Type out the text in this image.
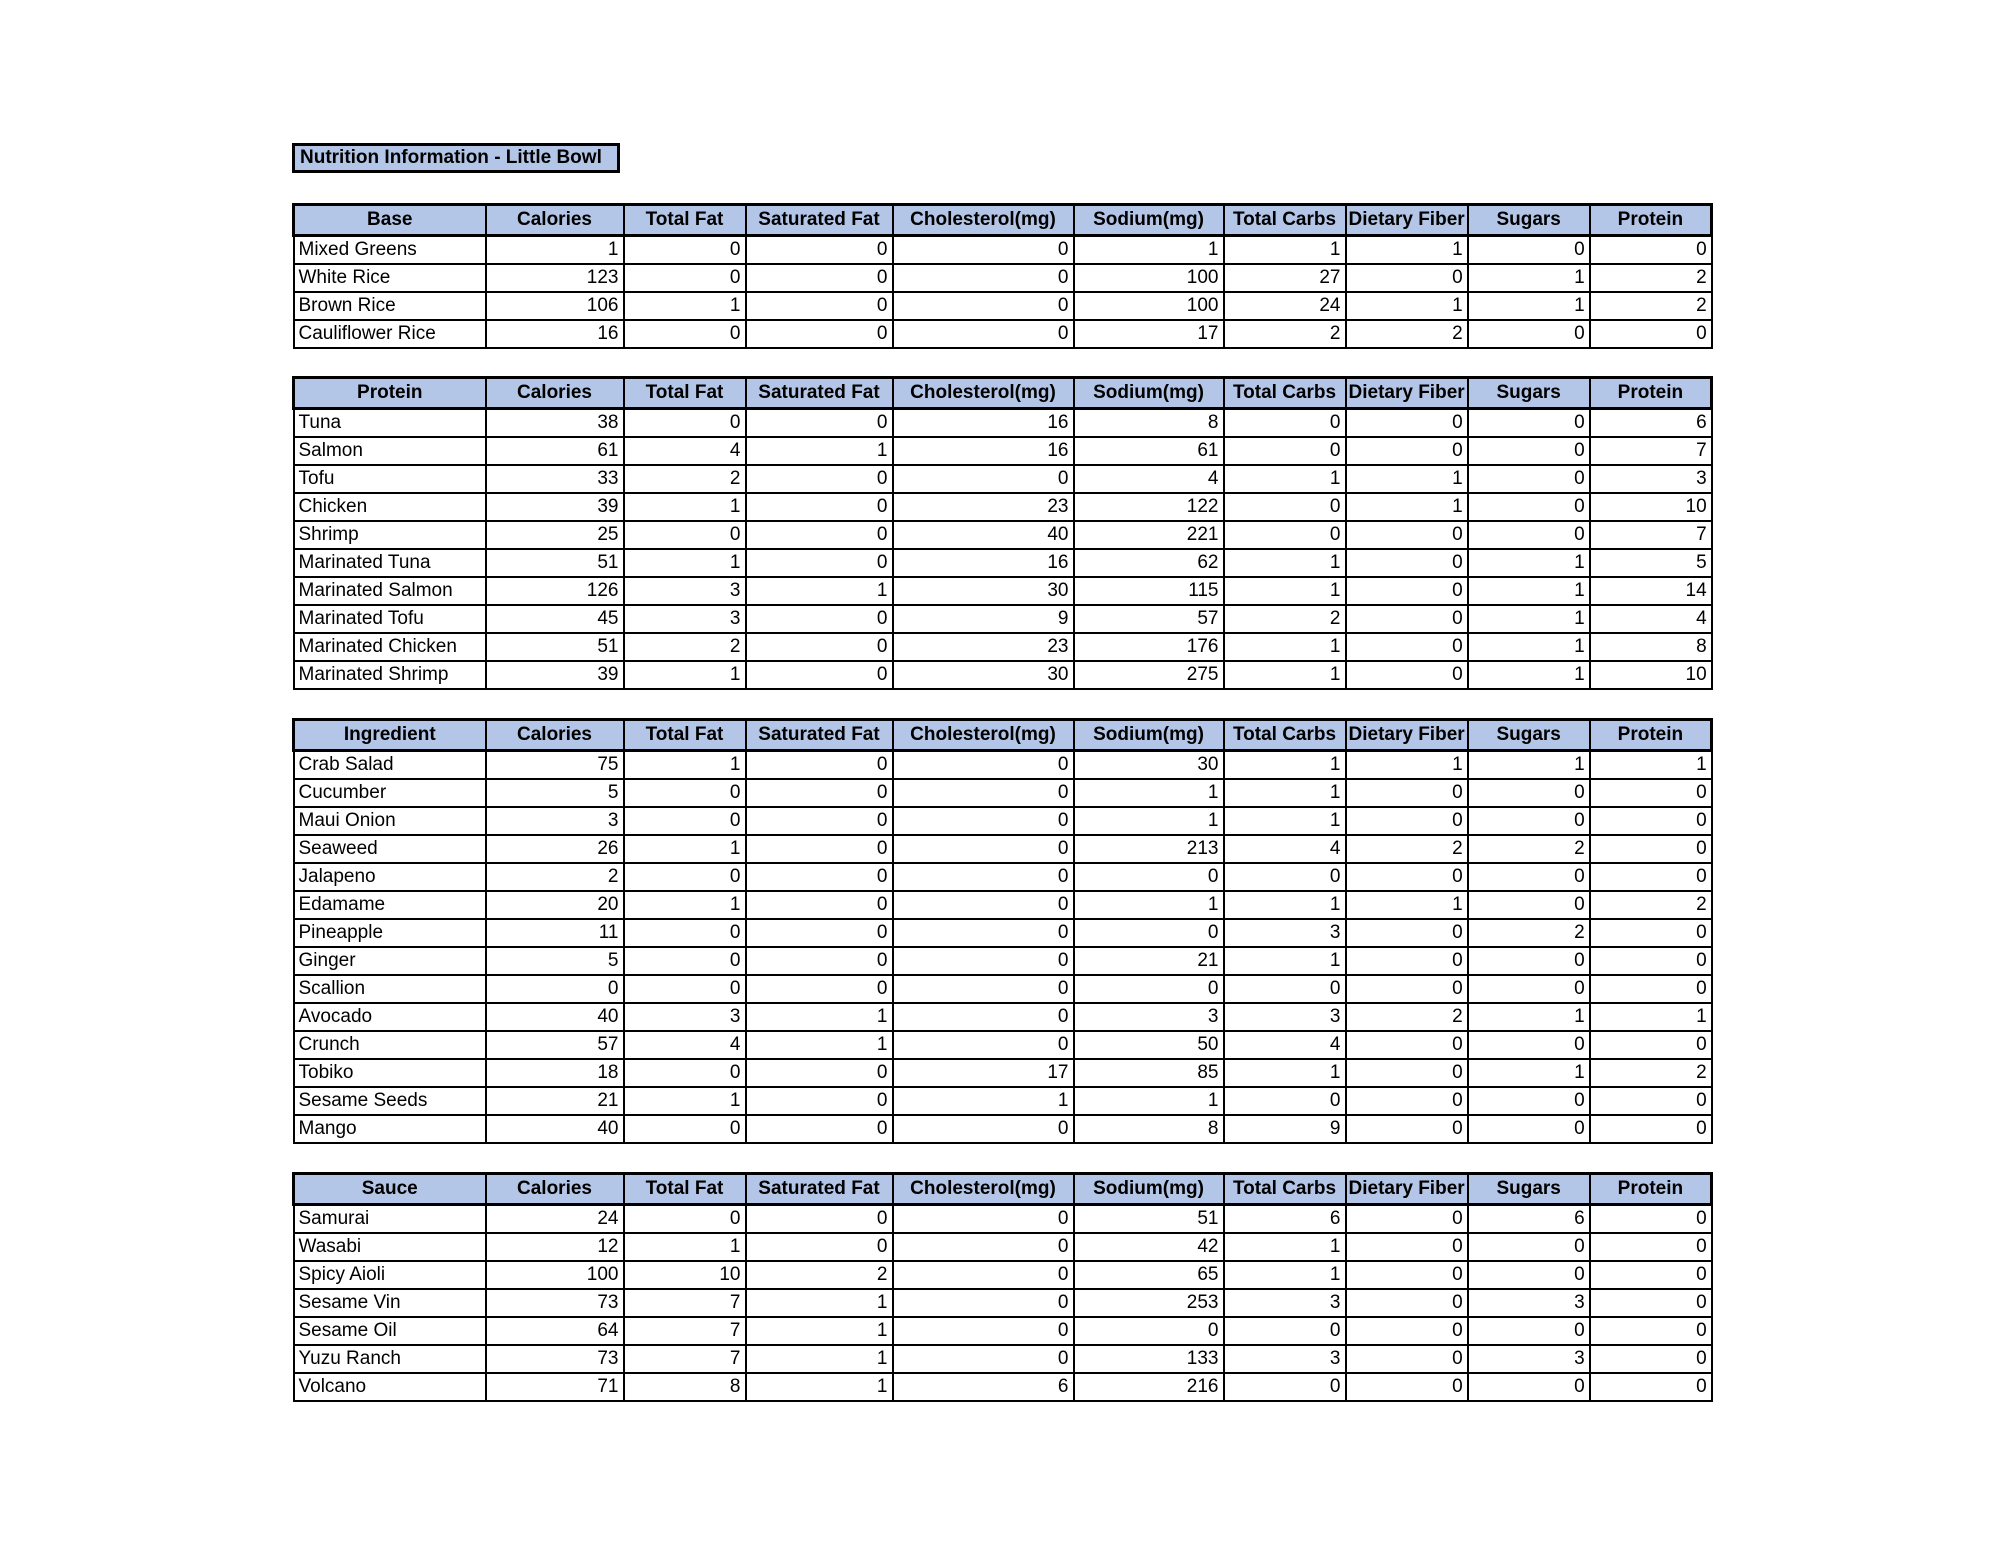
Nutrition Information - Little Bowl
Base	Calories	Total Fat	Saturated Fat	Cholesterol(mg)	Sodium(mg)	Total Carbs	Dietary Fiber	Sugars	Protein
Mixed Greens	1	0	0	0	1	1	1	0	0
White Rice	123	0	0	0	100	27	0	1	2
Brown Rice	106	1	0	0	100	24	1	1	2
Cauliflower Rice	16	0	0	0	17	2	2	0	0
Protein	Calories	Total Fat	Saturated Fat	Cholesterol(mg)	Sodium(mg)	Total Carbs	Dietary Fiber	Sugars	Protein
Tuna	38	0	0	16	8	0	0	0	6
Salmon	61	4	1	16	61	0	0	0	7
Tofu	33	2	0	0	4	1	1	0	3
Chicken	39	1	0	23	122	0	1	0	10
Shrimp	25	0	0	40	221	0	0	0	7
Marinated Tuna	51	1	0	16	62	1	0	1	5
Marinated Salmon	126	3	1	30	115	1	0	1	14
Marinated Tofu	45	3	0	9	57	2	0	1	4
Marinated Chicken	51	2	0	23	176	1	0	1	8
Marinated Shrimp	39	1	0	30	275	1	0	1	10
Ingredient	Calories	Total Fat	Saturated Fat	Cholesterol(mg)	Sodium(mg)	Total Carbs	Dietary Fiber	Sugars	Protein
Crab Salad	75	1	0	0	30	1	1	1	1
Cucumber	5	0	0	0	1	1	0	0	0
Maui Onion	3	0	0	0	1	1	0	0	0
Seaweed	26	1	0	0	213	4	2	2	0
Jalapeno	2	0	0	0	0	0	0	0	0
Edamame	20	1	0	0	1	1	1	0	2
Pineapple	11	0	0	0	0	3	0	2	0
Ginger	5	0	0	0	21	1	0	0	0
Scallion	0	0	0	0	0	0	0	0	0
Avocado	40	3	1	0	3	3	2	1	1
Crunch	57	4	1	0	50	4	0	0	0
Tobiko	18	0	0	17	85	1	0	1	2
Sesame Seeds	21	1	0	1	1	0	0	0	0
Mango	40	0	0	0	8	9	0	0	0
Sauce	Calories	Total Fat	Saturated Fat	Cholesterol(mg)	Sodium(mg)	Total Carbs	Dietary Fiber	Sugars	Protein
Samurai	24	0	0	0	51	6	0	6	0
Wasabi	12	1	0	0	42	1	0	0	0
Spicy Aioli	100	10	2	0	65	1	0	0	0
Sesame Vin	73	7	1	0	253	3	0	3	0
Sesame Oil	64	7	1	0	0	0	0	0	0
Yuzu Ranch	73	7	1	0	133	3	0	3	0
Volcano	71	8	1	6	216	0	0	0	0
